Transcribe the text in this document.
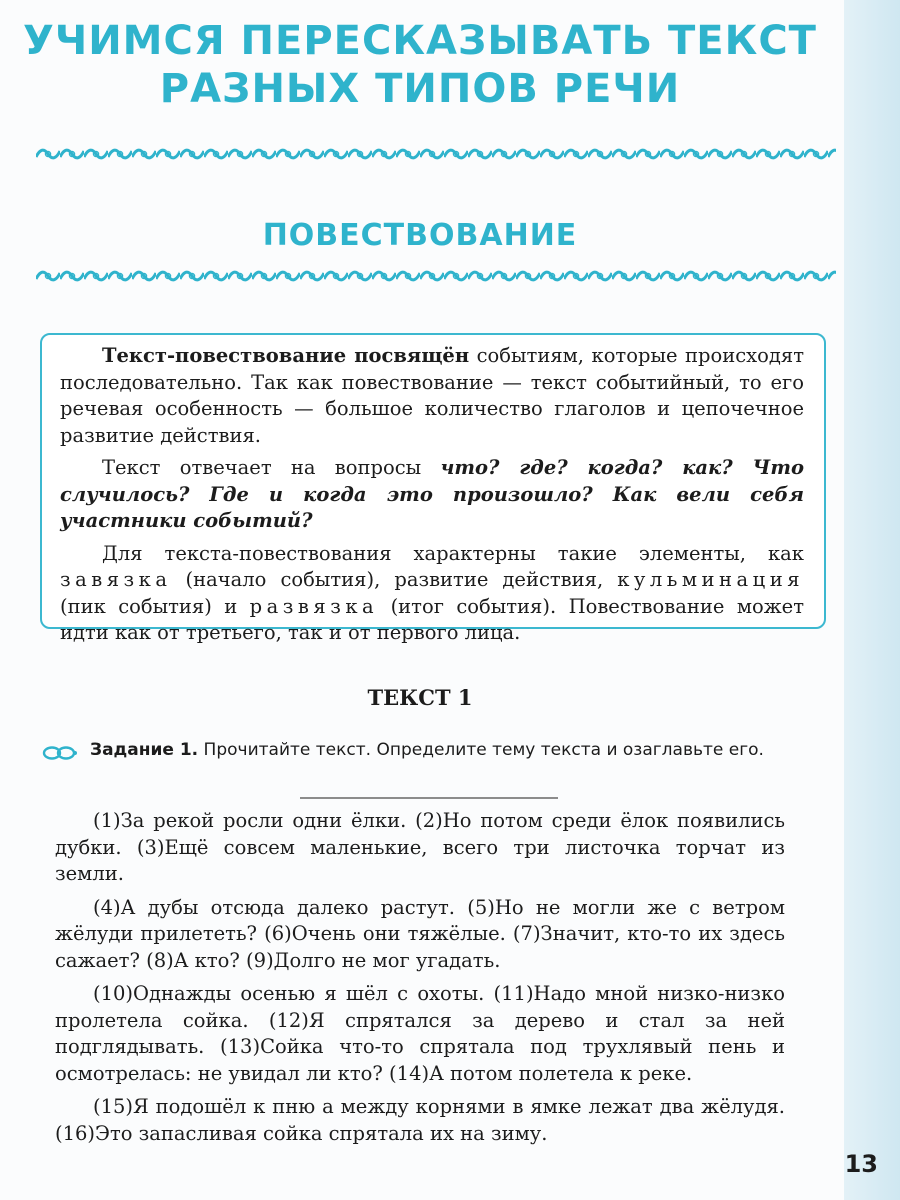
УЧИМСЯ ПЕРЕСКАЗЫВАТЬ ТЕКСТ
РАЗНЫХ ТИПОВ РЕЧИ
ПОВЕСТВОВАНИЕ

Текст-повествование посвящён событиям, которые происходят последовательно. Так как повествование — текст событийный, то его речевая особенность — большое количество глаголов и цепочечное развитие действия.

Текст отвечает на вопросы что? где? когда? как? Что случилось? Где и когда это произошло? Как вели себя участники событий?

Для текста-повествования характерны такие элементы, как завязка (начало события), развитие действия, кульминация (пик события) и развязка (итог события). Повествование может идти как от третьего, так и от первого лица.

ТЕКСТ 1
Задание 1. Прочитайте текст. Определите тему текста и озаглавьте его.

(1)За рекой росли одни ёлки. (2)Но потом среди ёлок появились дубки. (3)Ещё совсем маленькие, всего три листочка торчат из земли.

(4)А дубы отсюда далеко растут. (5)Но не могли же с ветром жёлуди прилететь? (6)Очень они тяжёлые. (7)Значит, кто-то их здесь сажает? (8)А кто? (9)Долго не мог угадать.

(10)Однажды осенью я шёл с охоты. (11)Надо мной низко-низко пролетела сойка. (12)Я спрятался за дерево и стал за ней подглядывать. (13)Сойка что-то спрятала под трухлявый пень и осмотрелась: не увидал ли кто? (14)А потом полетела к реке.

(15)Я подошёл к пню а между корнями в ямке лежат два жёлудя. (16)Это запасливая сойка спрятала их на зиму.

13
